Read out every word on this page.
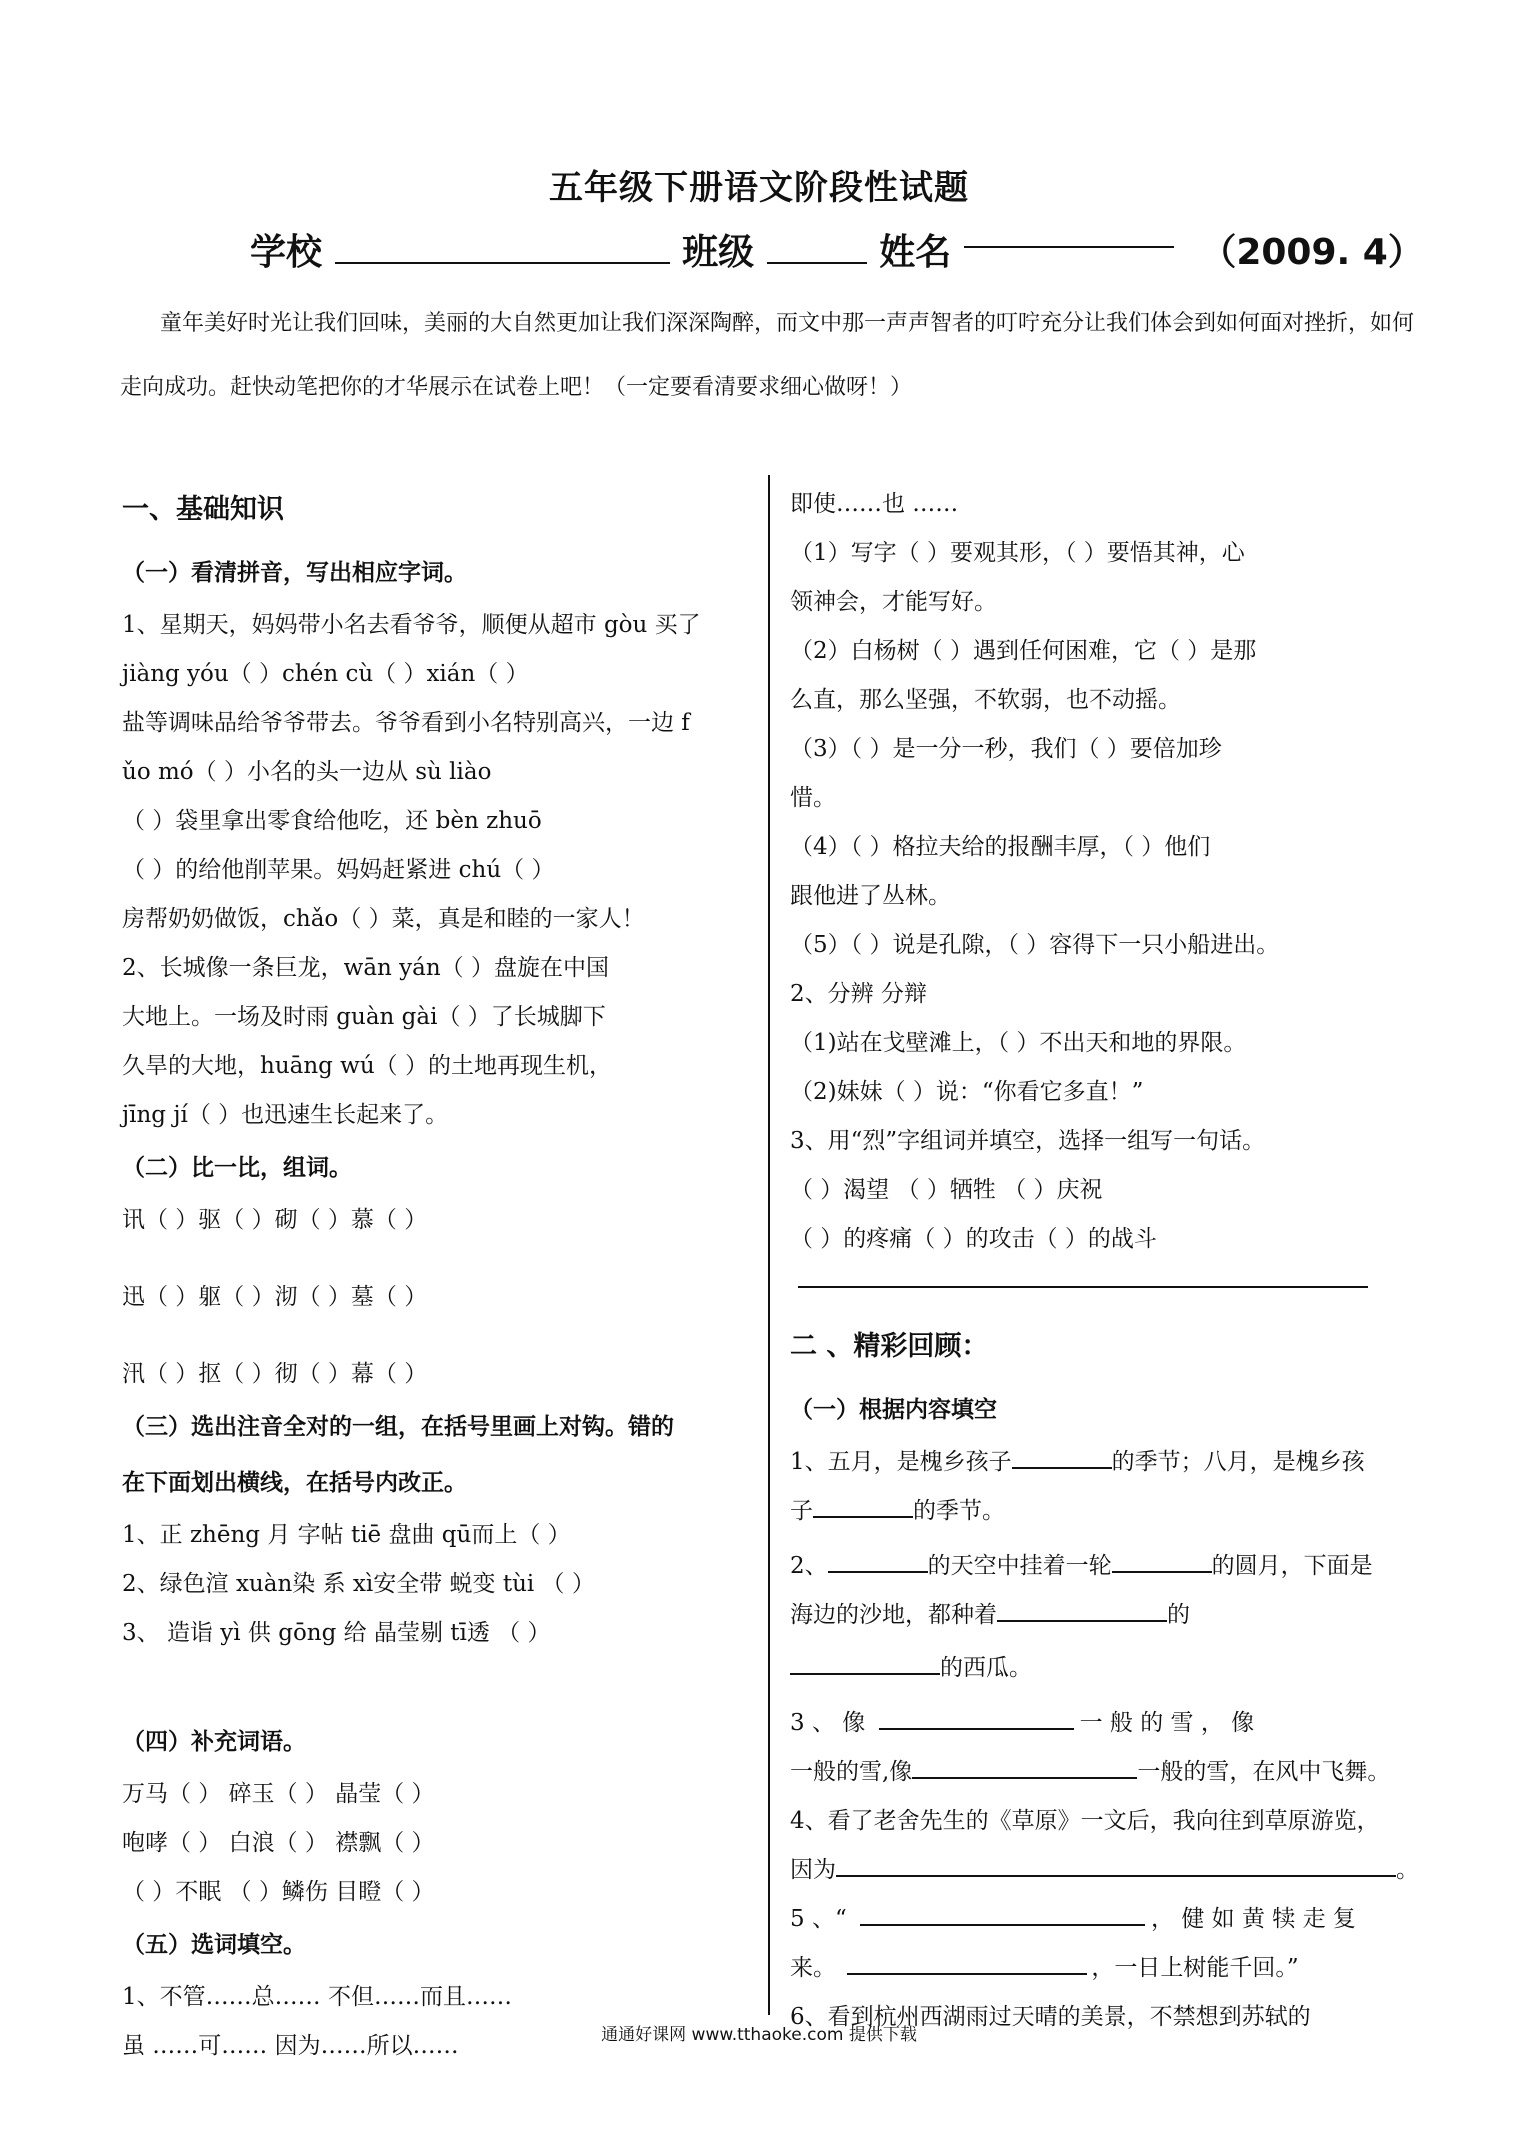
五年级下册语文阶段性试题
学校	班级	姓名	（2009. 4）
童年美好时光让我们回味，美丽的大自然更加让我们深深陶醉，而文中那一声声智者的叮咛充分让我们体会到如何面对挫折，如何走向成功。赶快动笔把你的才华展示在试卷上吧！（一定要看清要求细心做呀！）
一、基础知识
（一）看清拼音，写出相应字词。
1、星期天，妈妈带小名去看爷爷，顺便从超市 gòu 买了
jiàng yóu（ ）chén cù（ ）xián（ ）
盐等调味品给爷爷带去。爷爷看到小名特别高兴，一边 f
ǔo mó（ ）小名的头一边从 sù liào
（ ）袋里拿出零食给他吃，还 bèn zhuō
（ ）的给他削苹果。妈妈赶紧进 chú（ ）
房帮奶奶做饭，chǎo（ ）菜，真是和睦的一家人！
2、长城像一条巨龙，wān yán（ ）盘旋在中国
大地上。一场及时雨 guàn gài（ ）了长城脚下
久旱的大地，huāng wú（ ）的土地再现生机，
jīng jí（ ）也迅速生长起来了。
（二）比一比，组词。
讯（ ）驱（ ）砌（ ）慕（ ）
迅（ ）躯（ ）沏（ ）墓（ ）
汛（ ）抠（ ）彻（ ）幕（ ）
（三）选出注音全对的一组，在括号里画上对钩。错的
在下面划出横线，在括号内改正。
1、正 zhēng 月 字帖 tiē 盘曲 qū而上（ ）
2、绿色渲 xuàn染 系 xì安全带 蜕变 tùi （ ）
3、 造诣 yì 供 gōng 给 晶莹剔 tī透 （ ）
（四）补充词语。
万马（ ） 碎玉（ ） 晶莹（ ）
咆哮（ ） 白浪（ ） 襟飘（ ）
（ ）不眠 （ ）鳞伤 目瞪（ ）
（五）选词填空。
1、不管……总…… 不但……而且……
虽 ……可…… 因为……所以……
即使……也 ……
（1）写字（ ）要观其形，（ ）要悟其神，心
领神会，才能写好。
（2）白杨树（ ）遇到任何困难，它（ ）是那
么直，那么坚强，不软弱，也不动摇。
（3）（ ）是一分一秒，我们（ ）要倍加珍
惜。
（4）（ ）格拉夫给的报酬丰厚，（ ）他们
跟他进了丛林。
（5）（ ）说是孔隙，（ ）容得下一只小船进出。
2、分辨 分辩
（1)站在戈壁滩上，（ ）不出天和地的界限。
（2)妹妹（ ）说：“你看它多直！”
3、用“烈”字组词并填空，选择一组写一句话。
（ ）渴望 （ ）牺牲 （ ）庆祝
（ ）的疼痛（ ）的攻击（ ）的战斗
二 、精彩回顾：
（一）根据内容填空
1、五月，是槐乡孩子	的季节；八月，是槐乡孩
子	的季节。
2、	的天空中挂着一轮	的圆月，下面是
海边的沙地，都种着	的
的西瓜。
3 、 像	一 般 的 雪 ， 像
一般的雪,像	一般的雪，在风中飞舞。
4、看了老舍先生的《草原》一文后，我向往到草原游览，
因为	。
5 、“	， 健 如 黄 犊 走 复
来。	，一日上树能千回。”
6、看到杭州西湖雨过天晴的美景，不禁想到苏轼的
通通好课网 www.tthaoke.com 提供下载
